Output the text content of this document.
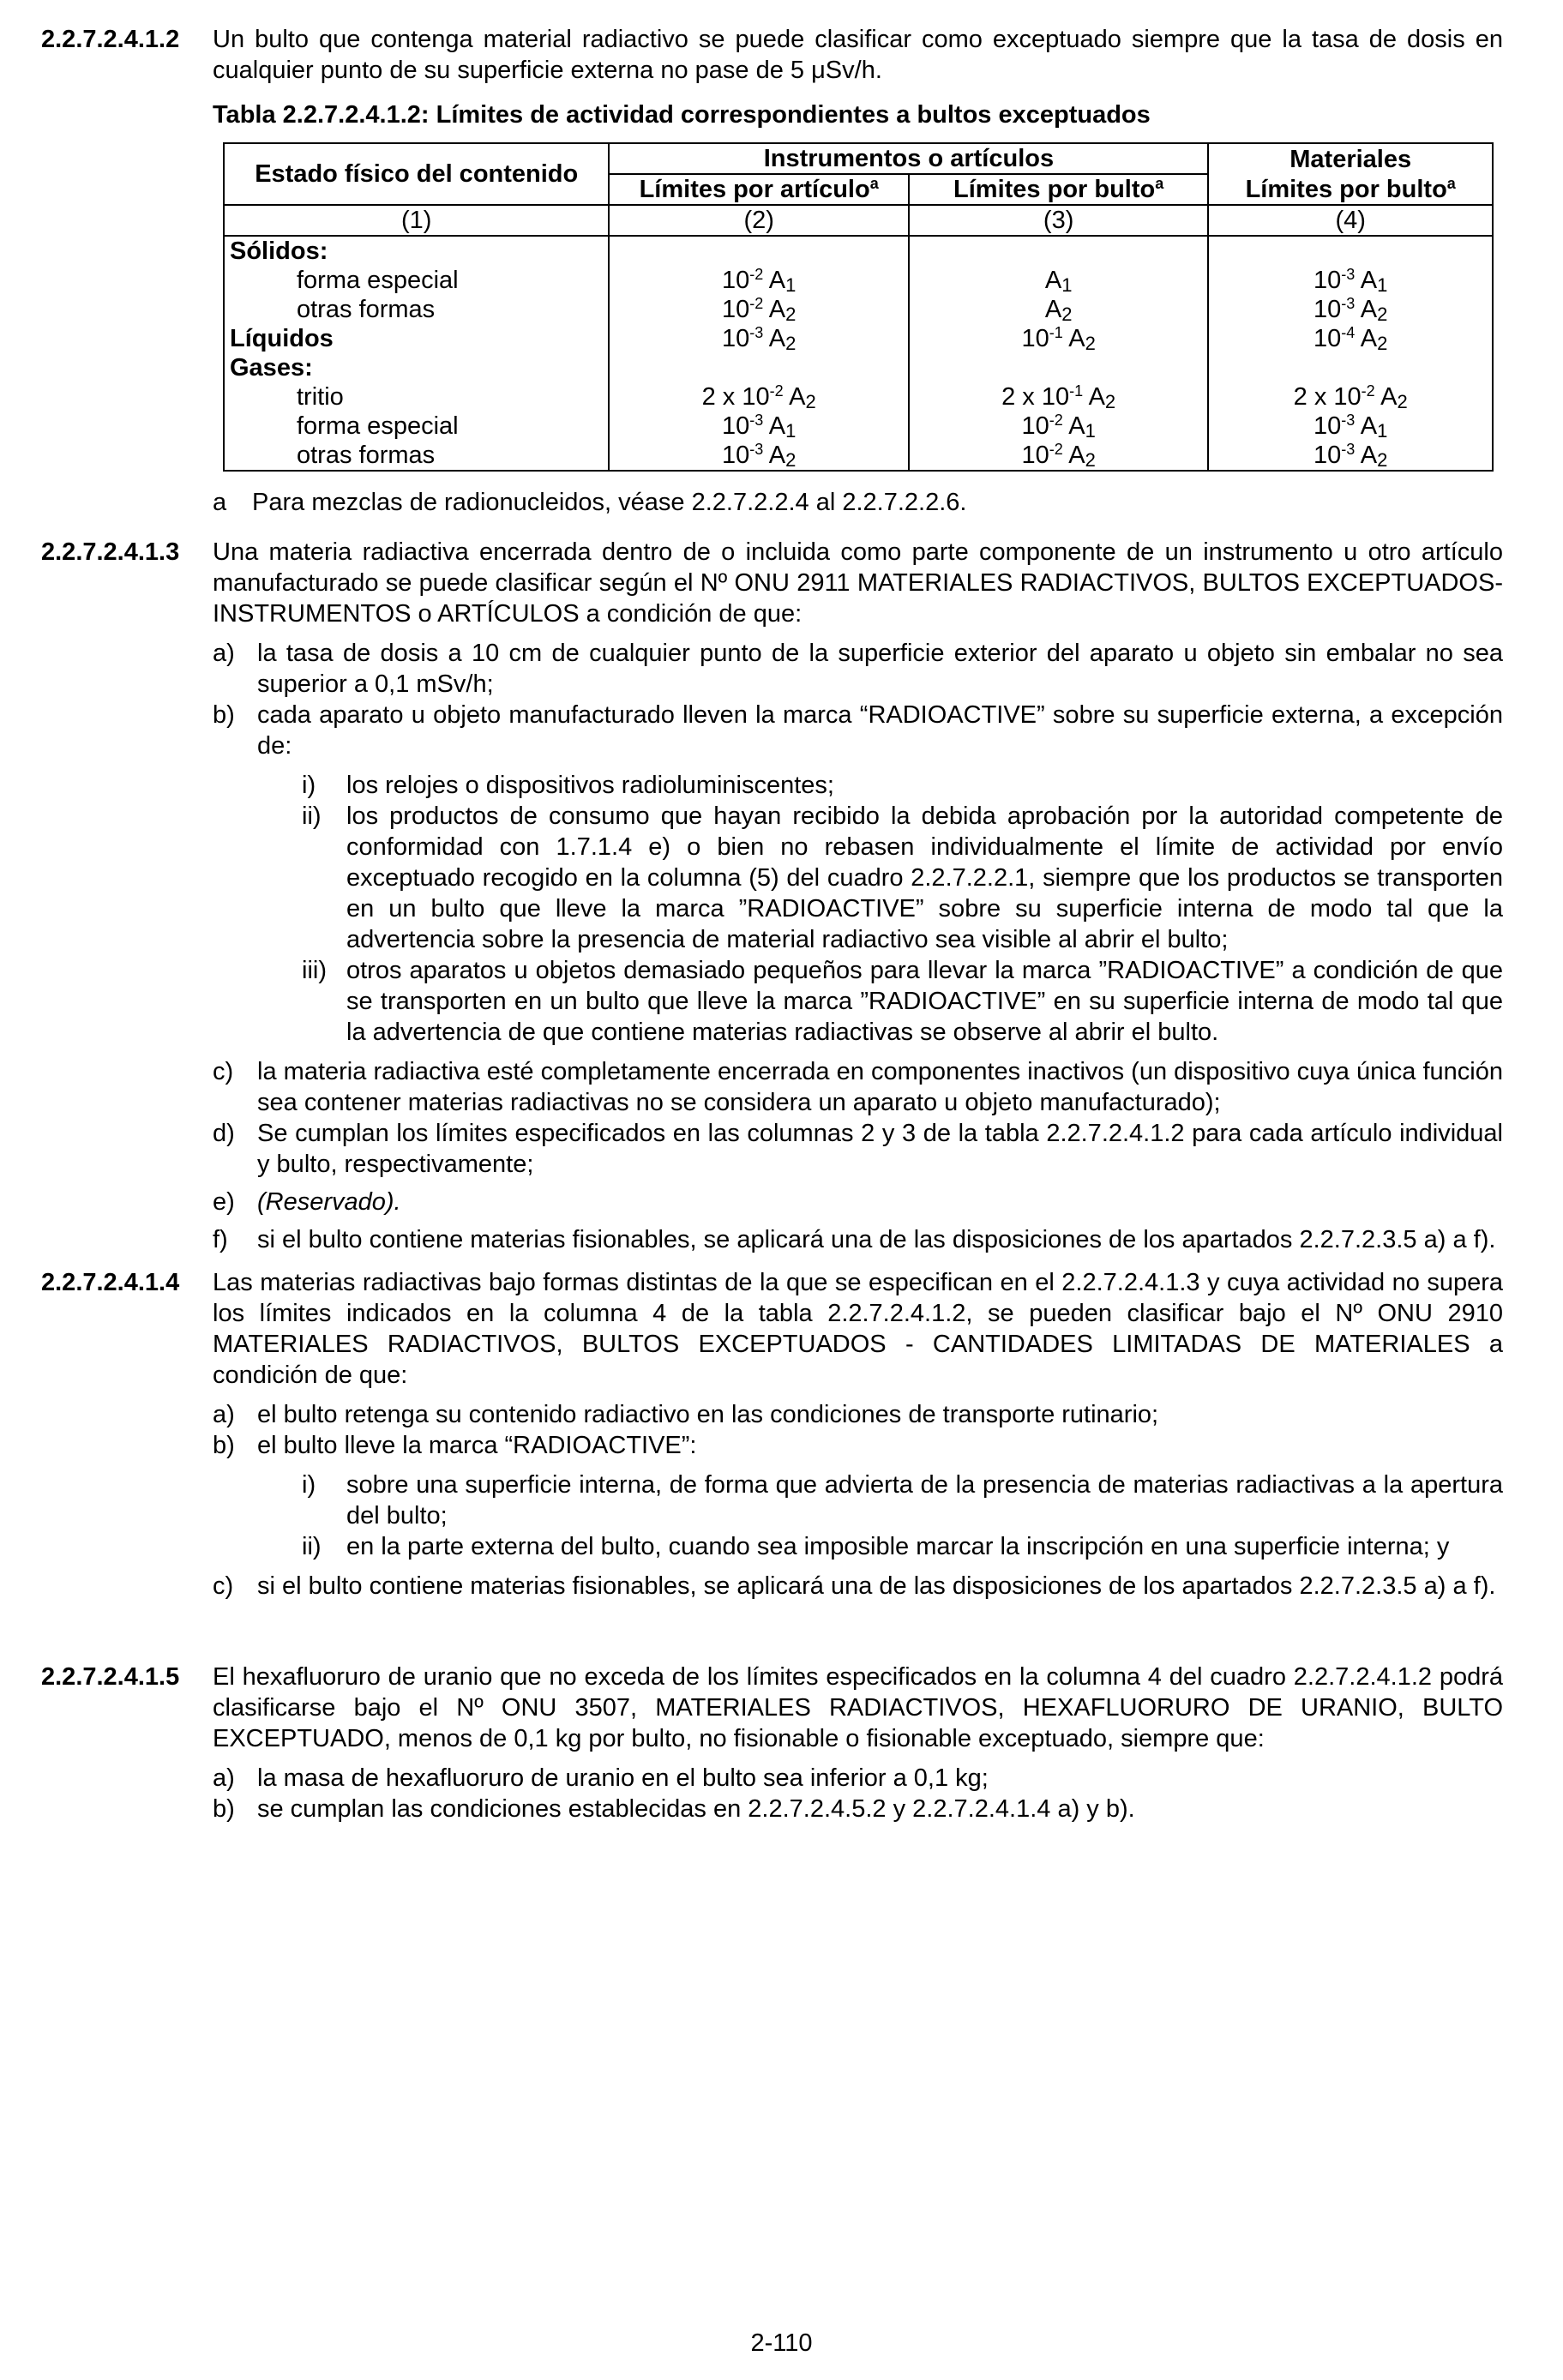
2.2.7.2.4.1.2 Un bulto que contenga material radiactivo se puede clasificar como exceptuado siempre que la tasa de dosis en cualquier punto de su superficie externa no pase de 5 μSv/h.
Tabla 2.2.7.2.4.1.2: Límites de actividad correspondientes a bultos exceptuados
Estado físico del contenido	Instrumentos o artículos		Materiales
	Límites por artículo$^a$	Límites por bulto$^a$	Límites por bulto$^a$
(1)	(2)	(3)	(4)
Sólidos:			
forma especial	$10^{-2}$ $A_1$	$A_1$	$10^{-3}$ $A_1$
otras formas	$10^{-2}$ $A_2$	$A_2$	$10^{-3}$ $A_2$
Líquidos	$10^{-3}$ $A_2$	$10^{-1}$ $A_2$	$10^{-4}$ $A_2$
Gases:			
tritio	2 x $10^{-2}$ $A_2$	2 x $10^{-1}$ $A_2$	2 x $10^{-2}$ $A_2$
forma especial	$10^{-3}$ $A_1$	$10^{-2}$ $A_1$	$10^{-3}$ $A_1$
otras formas	$10^{-3}$ $A_2$	$10^{-2}$ $A_2$	$10^{-3}$ $A_2$
a Para mezclas de radionucleidos, véase 2.2.7.2.2.4 al 2.2.7.2.2.6.
2.2.7.2.4.1.3 Una materia radiactiva encerrada dentro de o incluida como parte componente de un instrumento u otro artículo manufacturado se puede clasificar según el Nº ONU 2911 MATERIALES RADIACTIVOS, BULTOS EXCEPTUADOS- INSTRUMENTOS o ARTÍCULOS a condición de que:
a) la tasa de dosis a 10 cm de cualquier punto de la superficie exterior del aparato u objeto sin embalar no sea superior a 0,1 mSv/h;
b) cada aparato u objeto manufacturado lleven la marca “RADIOACTIVE” sobre su superficie externa, a excepción de:
i) los relojes o dispositivos radioluminiscentes;
ii) los productos de consumo que hayan recibido la debida aprobación por la autoridad competente de conformidad con 1.7.1.4 e) o bien no rebasen individualmente el límite de actividad por envío exceptuado recogido en la columna (5) del cuadro 2.2.7.2.2.1, siempre que los productos se transporten en un bulto que lleve la marca ”RADIOACTIVE” sobre su superficie interna de modo tal que la advertencia sobre la presencia de material radiactivo sea visible al abrir el bulto;
iii) otros aparatos u objetos demasiado pequeños para llevar la marca ”RADIOACTIVE” a condición de que se transporten en un bulto que lleve la marca ”RADIOACTIVE” en su superficie interna de modo tal que la advertencia de que contiene materias radiactivas se observe al abrir el bulto.
c) la materia radiactiva esté completamente encerrada en componentes inactivos (un dispositivo cuya única función sea contener materias radiactivas no se considera un aparato u objeto manufacturado);
d) Se cumplan los límites especificados en las columnas 2 y 3 de la tabla 2.2.7.2.4.1.2 para cada artículo individual y bulto, respectivamente;
e) (Reservado).
f) si el bulto contiene materias fisionables, se aplicará una de las disposiciones de los apartados 2.2.7.2.3.5 a) a f).
2.2.7.2.4.1.4 Las materias radiactivas bajo formas distintas de la que se especifican en el 2.2.7.2.4.1.3 y cuya actividad no supera los límites indicados en la columna 4 de la tabla 2.2.7.2.4.1.2, se pueden clasificar bajo el Nº ONU 2910 MATERIALES RADIACTIVOS, BULTOS EXCEPTUADOS - CANTIDADES LIMITADAS DE MATERIALES a condición de que:
a) el bulto retenga su contenido radiactivo en las condiciones de transporte rutinario;
b) el bulto lleve la marca “RADIOACTIVE”:
i) sobre una superficie interna, de forma que advierta de la presencia de materias radiactivas a la apertura del bulto;
ii) en la parte externa del bulto, cuando sea imposible marcar la inscripción en una superficie interna; y
c) si el bulto contiene materias fisionables, se aplicará una de las disposiciones de los apartados 2.2.7.2.3.5 a) a f).
2.2.7.2.4.1.5 El hexafluoruro de uranio que no exceda de los límites especificados en la columna 4 del cuadro 2.2.7.2.4.1.2 podrá clasificarse bajo el Nº ONU 3507, MATERIALES RADIACTIVOS, HEXAFLUORURO DE URANIO, BULTO EXCEPTUADO, menos de 0,1 kg por bulto, no fisionable o fisionable exceptuado, siempre que:
a) la masa de hexafluoruro de uranio en el bulto sea inferior a 0,1 kg;
b) se cumplan las condiciones establecidas en 2.2.7.2.4.5.2 y 2.2.7.2.4.1.4 a) y b).
2-110
